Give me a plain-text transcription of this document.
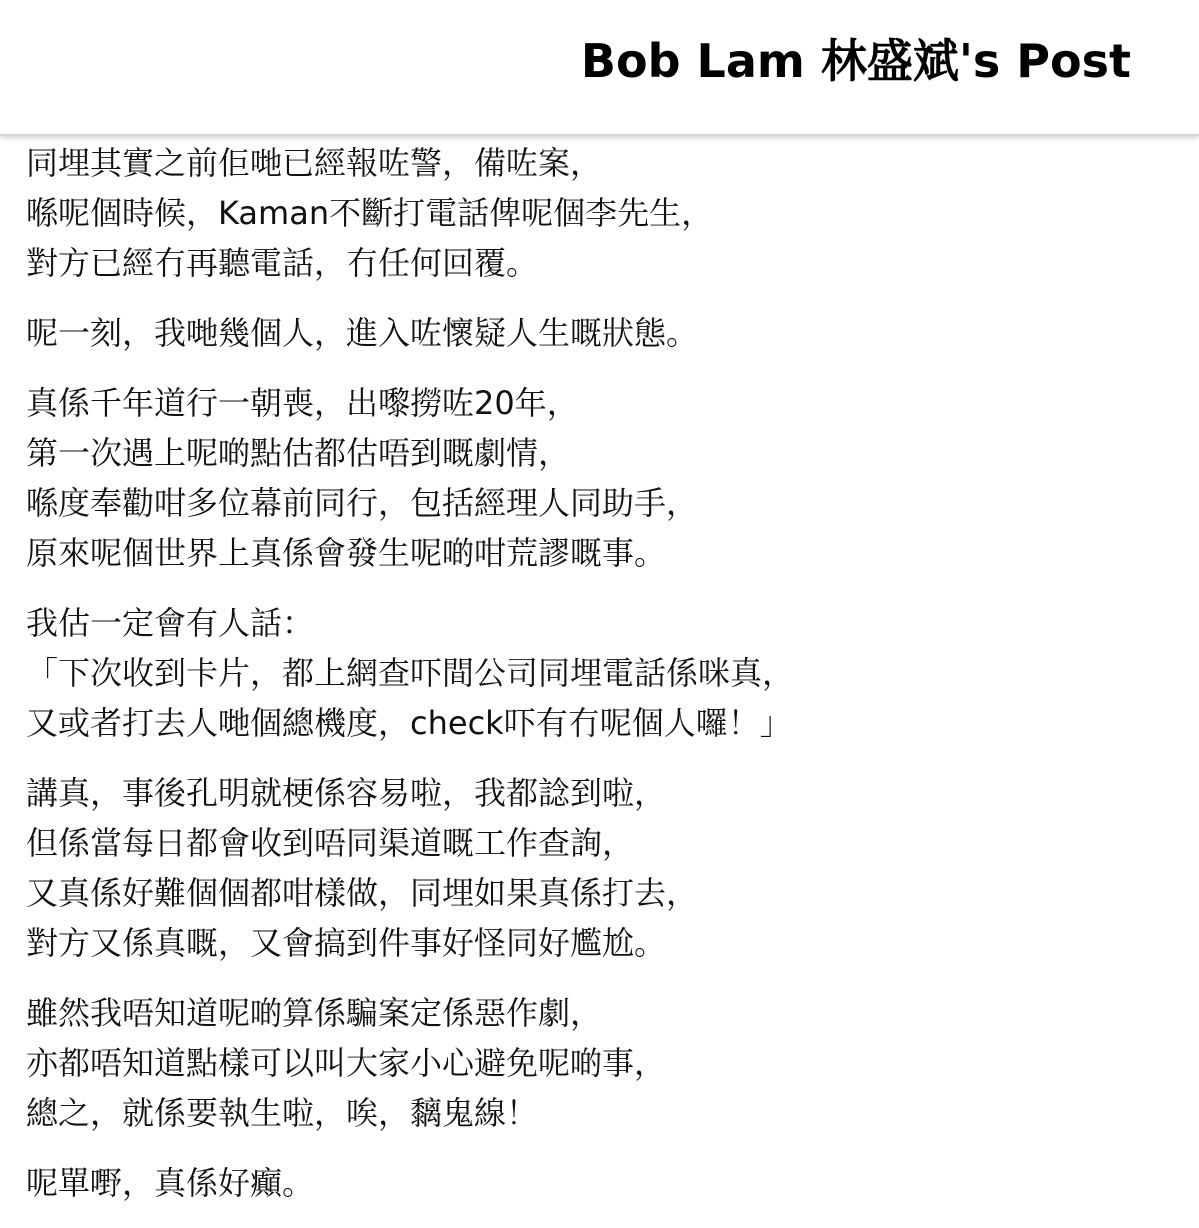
Bob Lam 林盛斌's Post
同埋其實之前佢哋已經報咗警，備咗案，
喺呢個時候，Kaman不斷打電話俾呢個李先生，
對方已經冇再聽電話，冇任何回覆。
呢一刻，我哋幾個人，進入咗懷疑人生嘅狀態。
真係千年道行一朝喪，出嚟撈咗20年，
第一次遇上呢啲點估都估唔到嘅劇情，
喺度奉勸咁多位幕前同行，包括經理人同助手，
原來呢個世界上真係會發生呢啲咁荒謬嘅事。
我估一定會有人話：
「下次收到卡片，都上網查吓間公司同埋電話係咪真，
又或者打去人哋個總機度，check吓有冇呢個人囉！」
講真，事後孔明就梗係容易啦，我都諗到啦，
但係當每日都會收到唔同渠道嘅工作查詢，
又真係好難個個都咁樣做，同埋如果真係打去，
對方又係真嘅，又會搞到件事好怪同好尷尬。
雖然我唔知道呢啲算係騙案定係惡作劇，
亦都唔知道點樣可以叫大家小心避免呢啲事，
總之，就係要執生啦，唉，黐鬼線！
呢單嘢，真係好癲。
